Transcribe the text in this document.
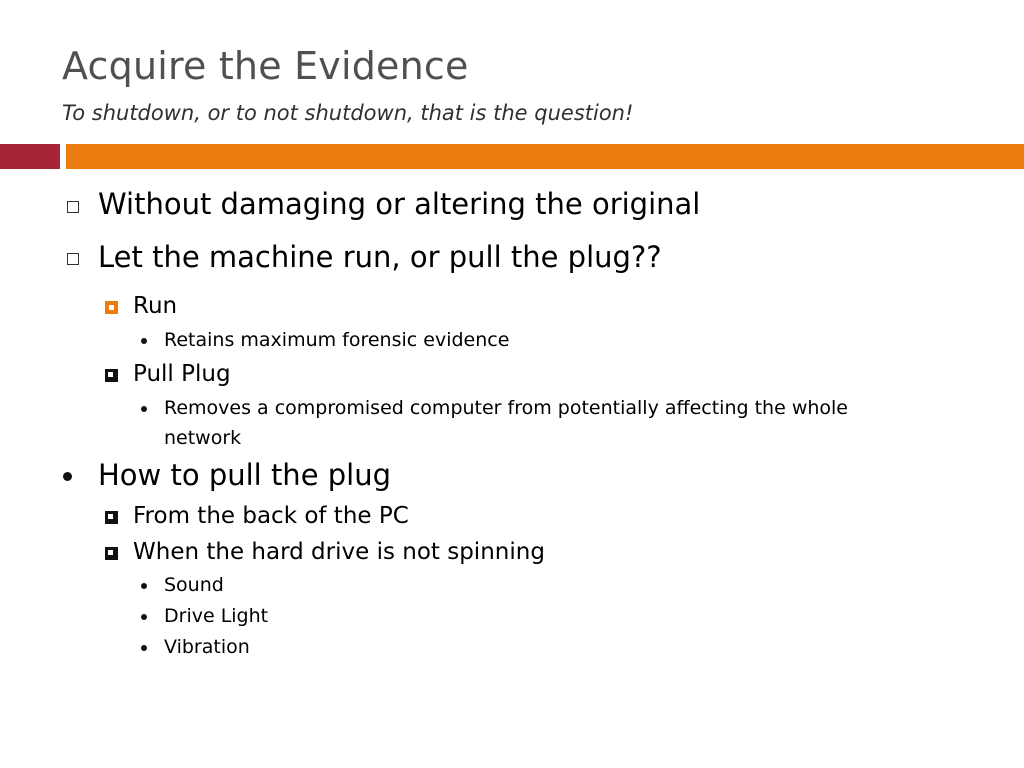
Acquire the Evidence
To shutdown, or to not shutdown, that is the question!
Without damaging or altering the original
Let the machine run, or pull the plug??
Run
Retains maximum forensic evidence
Pull Plug
Removes a compromised computer from potentially affecting the whole
network
How to pull the plug
From the back of the PC
When the hard drive is not spinning
Sound
Drive Light
Vibration
